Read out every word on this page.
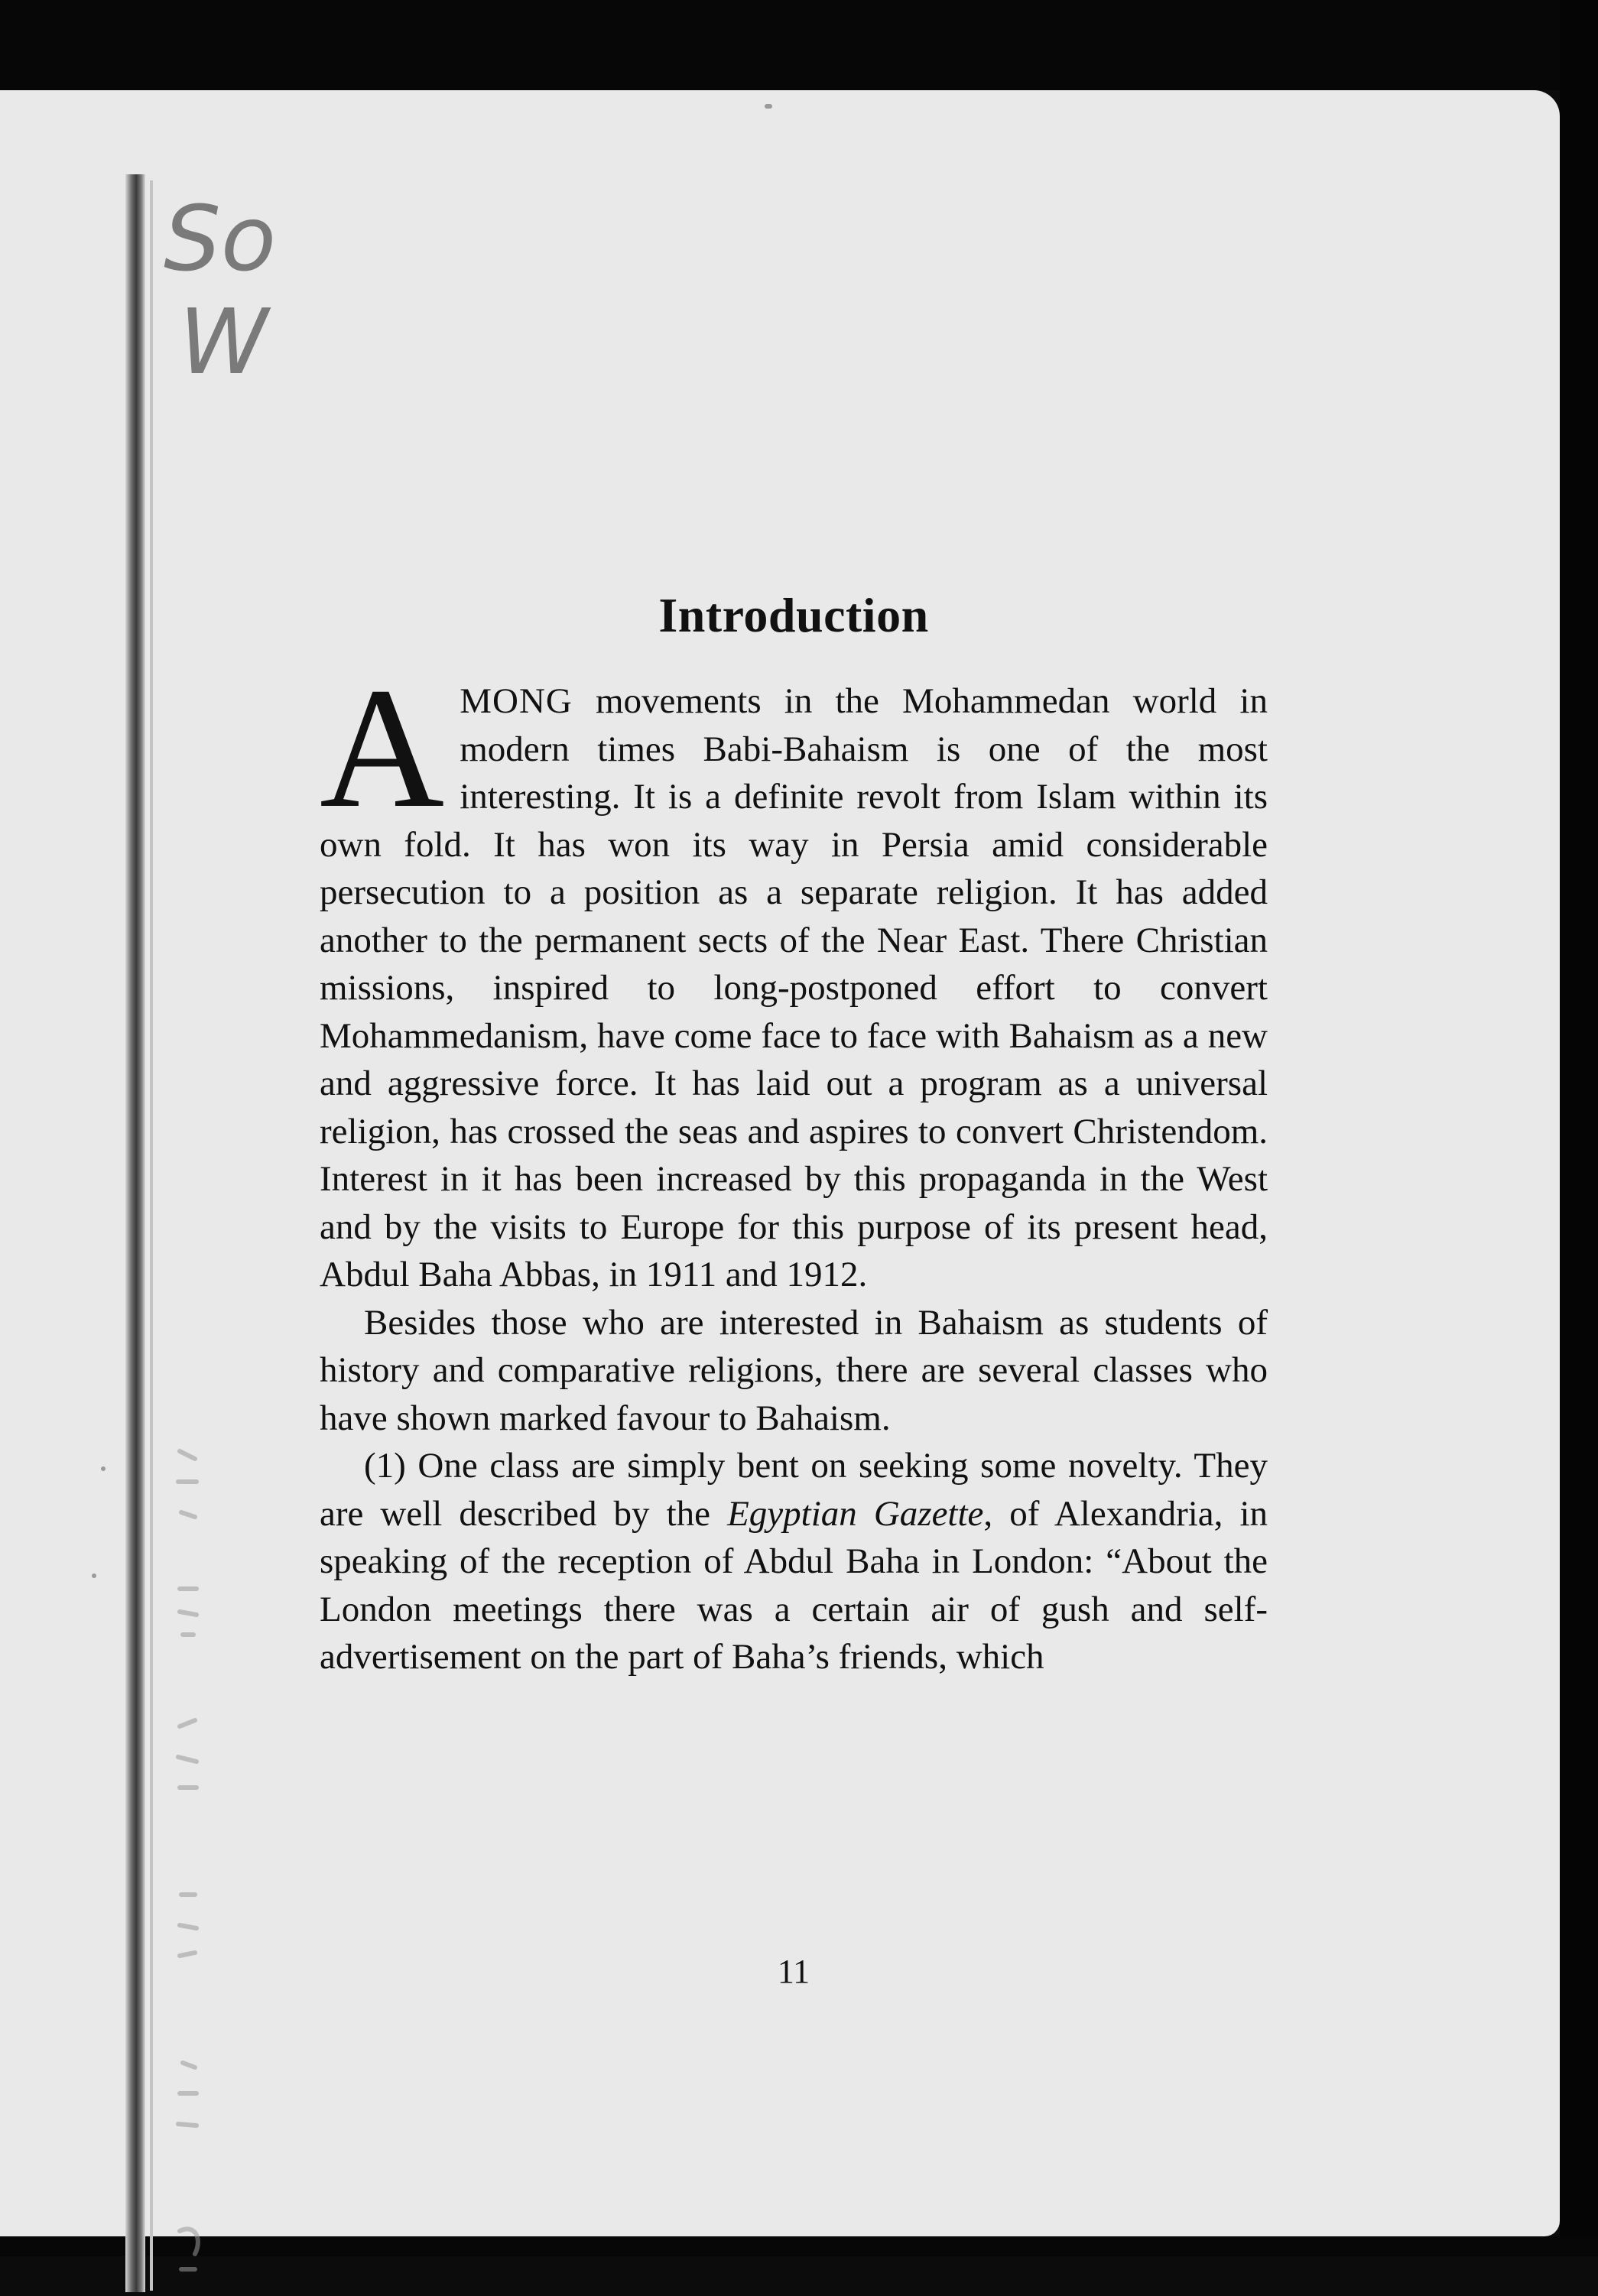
So
W
Introduction

AMONG movements in the Mohammedan world in modern times Babi-Bahaism is one of the most interesting. It is a definite revolt from Islam within its own fold. It has won its way in Persia amid considerable persecution to a position as a separate religion. It has added another to the permanent sects of the Near East. There Christian missions, inspired to long-postponed effort to convert Mohammedanism, have come face to face with Bahaism as a new and aggressive force. It has laid out a program as a universal religion, has crossed the seas and aspires to convert Christendom. Interest in it has been increased by this propaganda in the West and by the visits to Europe for this purpose of its present head, Abdul Baha Abbas, in 1911 and 1912.

Besides those who are interested in Bahaism as students of history and comparative religions, there are several classes who have shown marked favour to Bahaism.

(1) One class are simply bent on seeking some novelty. They are well described by the Egyptian Gazette, of Alexandria, in speaking of the reception of Abdul Baha in London: “About the London meetings there was a certain air of gush and self-advertisement on the part of Baha’s friends, which

11
